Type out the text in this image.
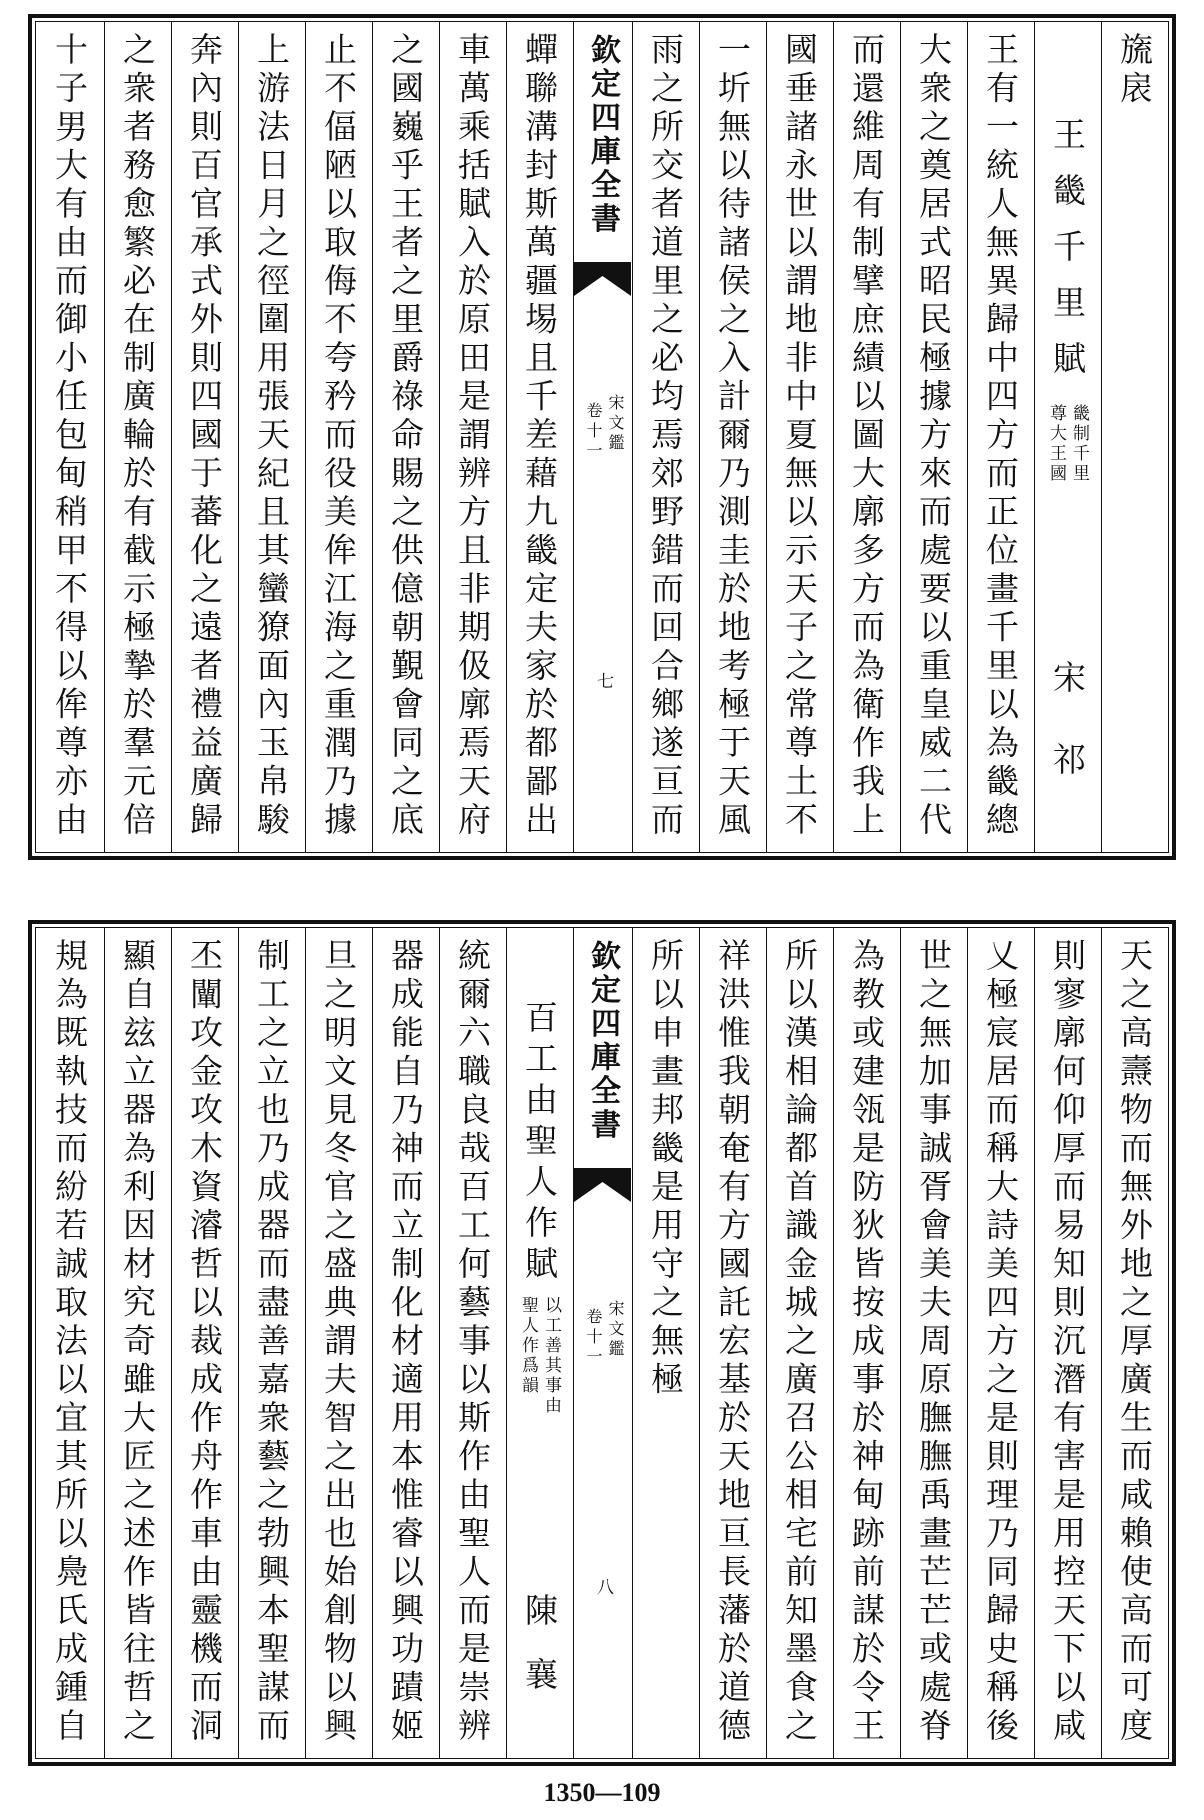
旒扆
王畿千里賦
畿制千里
尊大王國
宋祁
王有一統人無異歸中四方而正位畫千里以為畿總
大衆之奠居式昭民極據方來而處要以重皇威二代
而還維周有制擘庶績以圖大廓多方而為衛作我上
國垂諸永世以謂地非中夏無以示天子之常尊土不
一圻無以待諸侯之入計爾乃測圭於地考極于天風
雨之所交者道里之必均焉郊野錯而回合鄉遂亘而
欽定四庫全書
宋文鑑
卷十一
七
蟬聯溝封斯萬疆埸且千差藉九畿定夫家於都鄙出
車萬乘括賦入於原田是謂辨方且非期伋廓焉天府
之國巍乎王者之里爵祿命賜之供億朝覲會同之底
止不偪陋以取侮不夸矜而役美侔江海之重潤乃據
上游法日月之徑圍用張天紀且其蠻獠面內玉帛駿
奔內則百官承式外則四國于蕃化之遠者禮益廣歸
之衆者務愈繁必在制廣輪於有截示極摯於羣元倍
十子男大有由而御小任包甸稍甲不得以侔尊亦由
天之高燾物而無外地之厚廣生而咸賴使高而可度
則寥廓何仰厚而易知則沉潛有害是用控天下以咸
乂極宸居而稱大詩美四方之是則理乃同歸史稱後
世之無加事誠胥會美夫周原膴膴禹畫芒芒或處脊
為教或建瓴是防狄皆按成事於神甸跡前謀於令王
所以漢相論都首識金城之廣召公相宅前知墨食之
祥洪惟我朝奄有方國託宏基於天地亘長藩於道德
所以申畫邦畿是用守之無極
欽定四庫全書
宋文鑑
卷十一
八
百工由聖人作賦
以工善其事由
聖人作爲韻
陳襄
統爾六職良哉百工何藝事以斯作由聖人而是崇辨
器成能自乃神而立制化材適用本惟睿以興功蹟姬
旦之明文見冬官之盛典謂夫智之出也始創物以興
制工之立也乃成器而盡善嘉衆藝之勃興本聖謀而
丕闡攻金攻木資濬哲以裁成作舟作車由靈機而洞
顯自玆立器為利因材究奇雖大匠之述作皆往哲之
規為既執技而紛若誠取法以宜其所以鳧氏成鍾自
1350—109
